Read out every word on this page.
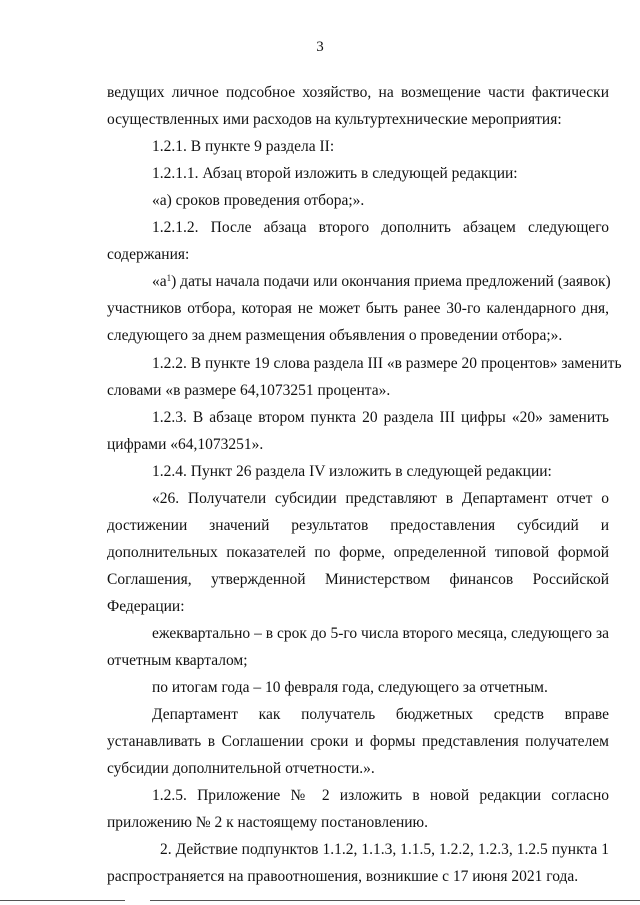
3
ведущих личное подсобное хозяйство, на возмещение части фактически
осуществленных ими расходов на культуртехнические мероприятия:
1.2.1. В пункте 9 раздела II:
1.2.1.1. Абзац второй изложить в следующей редакции:
«а) сроков проведения отбора;».
1.2.1.2. После абзаца второго дополнить абзацем следующего
содержания:
«$а^1$) даты начала подачи или окончания приема предложений (заявок)
участников отбора, которая не может быть ранее 30-го календарного дня,
следующего за днем размещения объявления о проведении отбора;».
1.2.2. В пункте 19 слова раздела III «в размере 20 процентов» заменить
словами «в размере 64,1073251 процента».
1.2.3. В абзаце втором пункта 20 раздела III цифры «20» заменить
цифрами «64,1073251».
1.2.4. Пункт 26 раздела IV изложить в следующей редакции:
«26. Получатели субсидии представляют в Департамент отчет о
достижении значений результатов предоставления субсидий и
дополнительных показателей по форме, определенной типовой формой
Соглашения, утвержденной Министерством финансов Российской
Федерации:
ежеквартально – в срок до 5-го числа второго месяца, следующего за
отчетным кварталом;
по итогам года – 10 февраля года, следующего за отчетным.
Департамент как получатель бюджетных средств вправе
устанавливать в Соглашении сроки и формы представления получателем
субсидии дополнительной отчетности.».
1.2.5. Приложение № 2 изложить в новой редакции согласно
приложению № 2 к настоящему постановлению.
2. Действие подпунктов 1.1.2, 1.1.3, 1.1.5, 1.2.2, 1.2.3, 1.2.5 пункта 1
распространяется на правоотношения, возникшие с 17 июня 2021 года.
